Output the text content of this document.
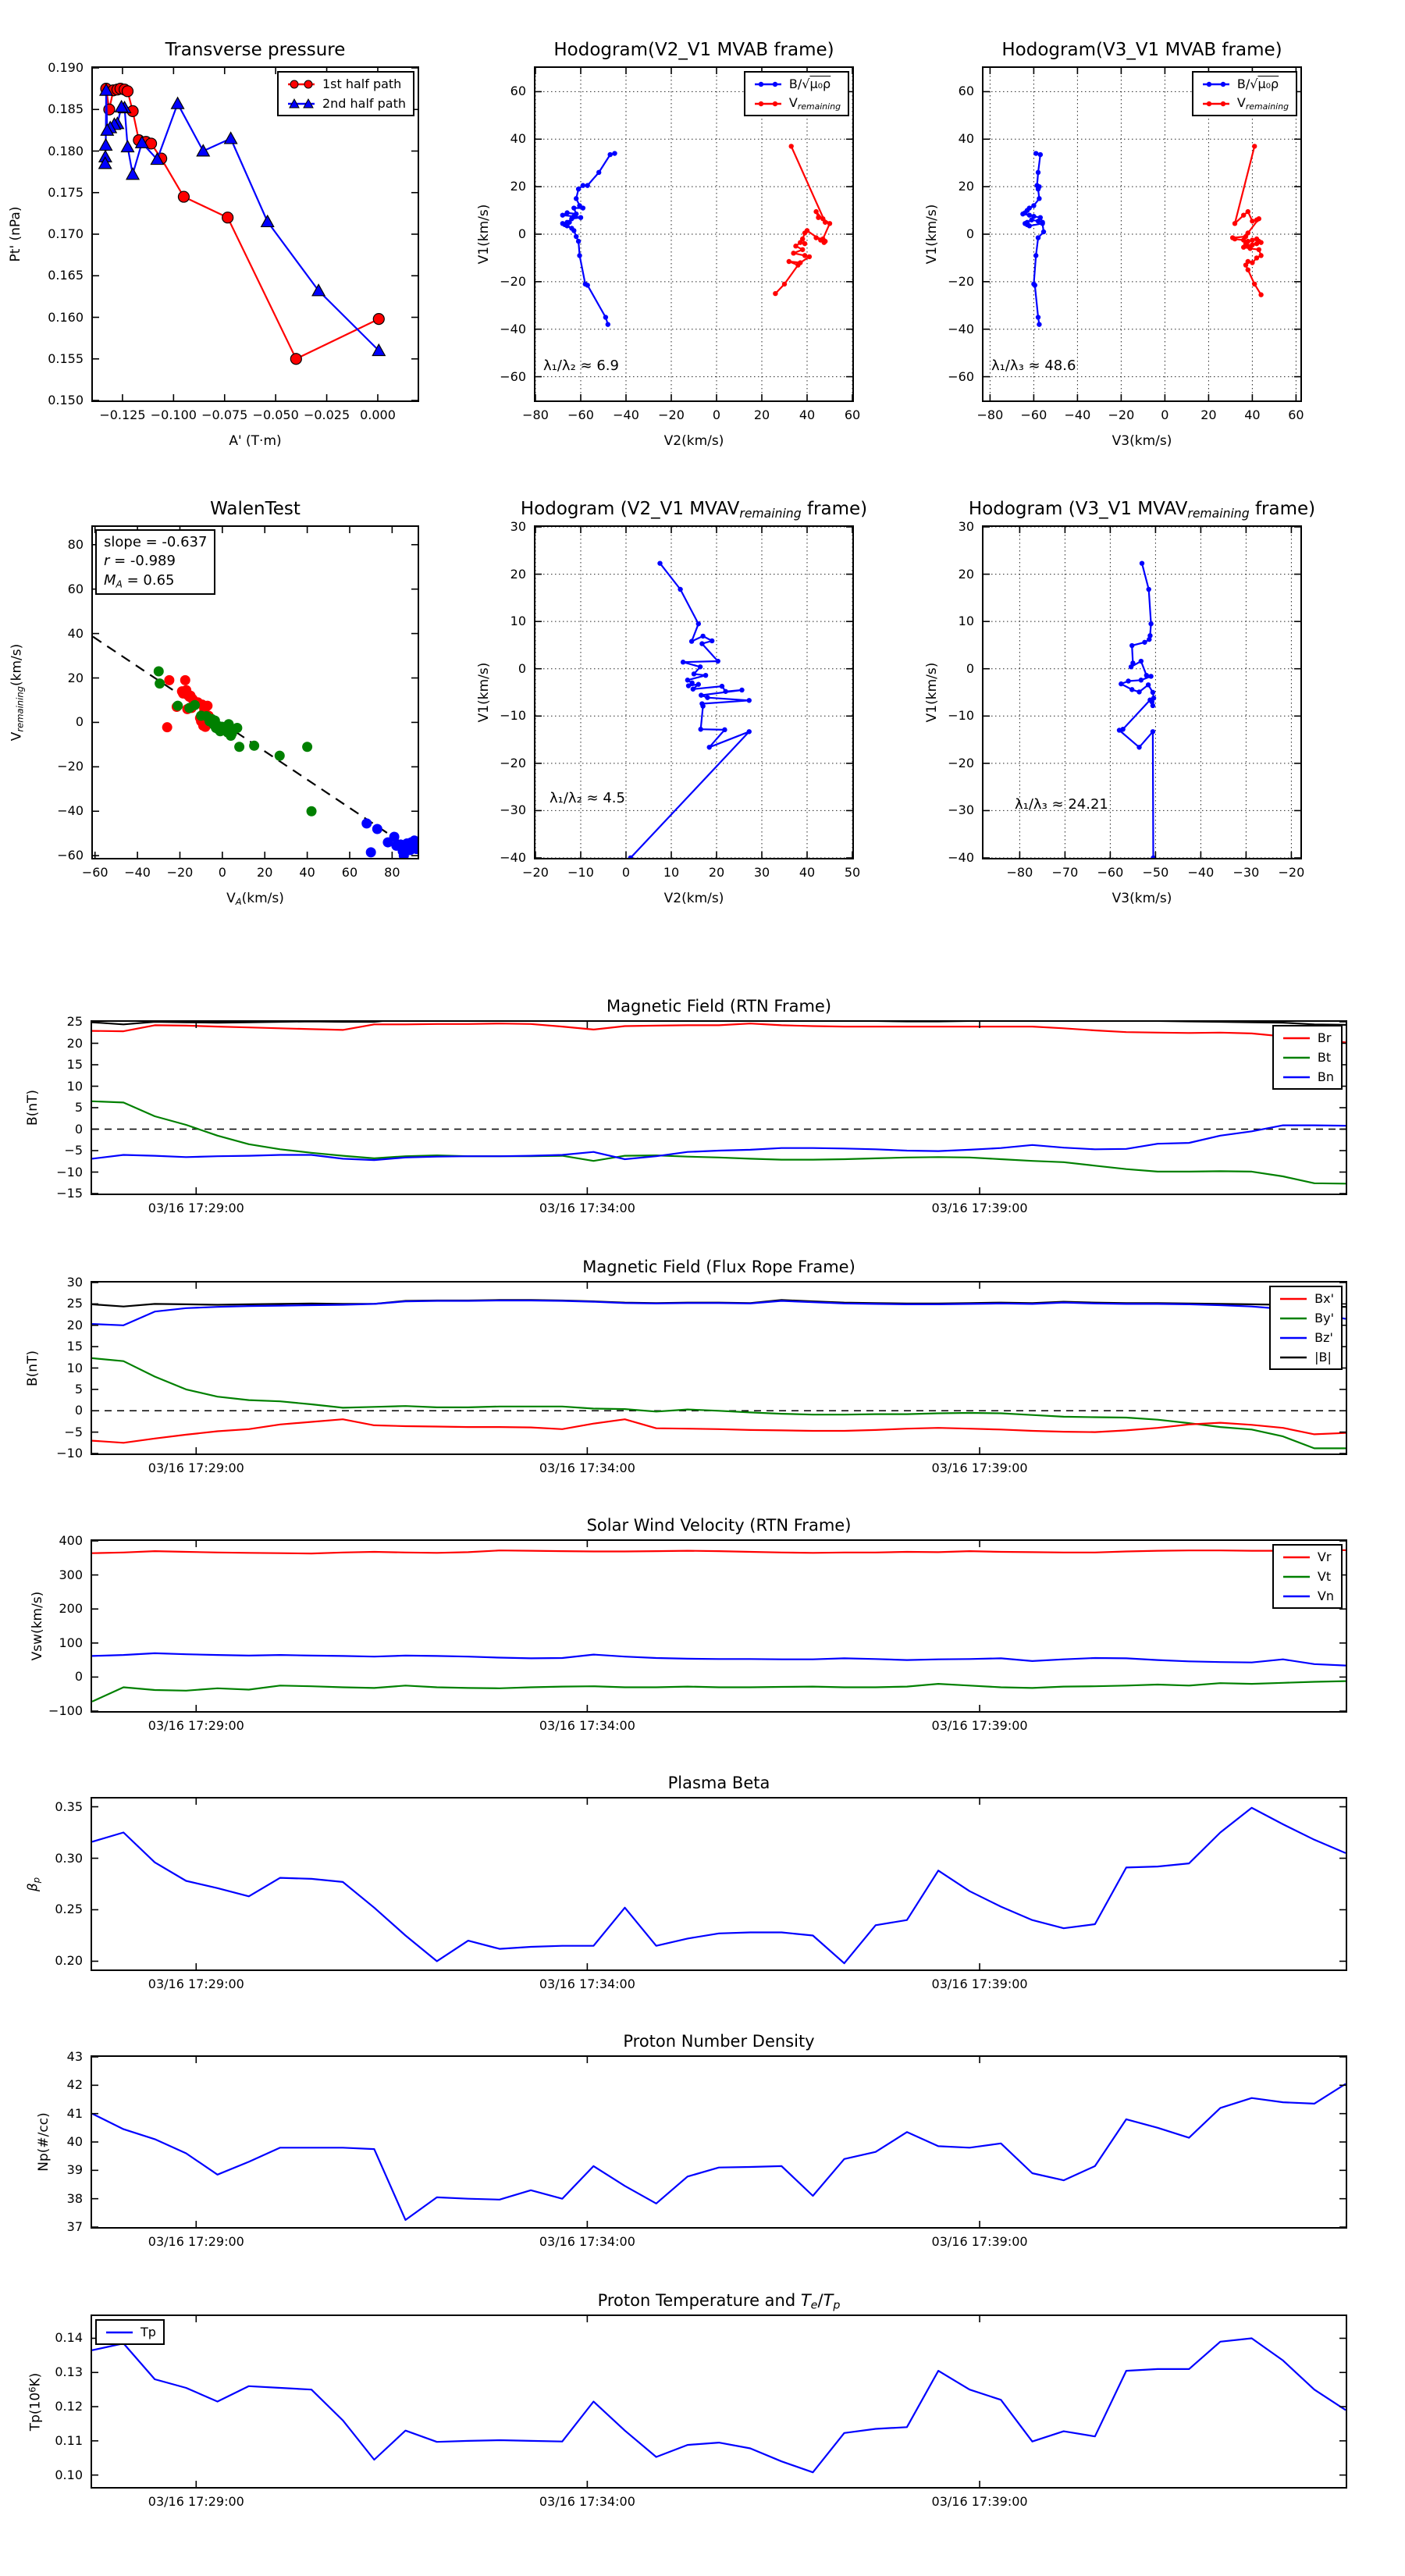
Transverse pressure
1st half path
2nd half path
−0.125 −0.100 −0.075 −0.050 −0.025 0.000
0.150
0.155
0.160
0.165
0.170
0.175
0.180
0.185
0.190
A' (T·m)
Pt' (nPa)
Hodogram(V2_V1 MVAB frame)
B/√μ₀ρ
Vremaining
λ₁/λ₂ ≈ 6.9
−80	−60	−40	−20	0	20	40	60
−60
−40
−20
0
20
40
60
V2(km/s)
V1(km/s)
Hodogram(V3_V1 MVAB frame)
B/√μ₀ρ
Vremaining
λ₁/λ₃ ≈ 48.6
−80	−60	−40	−20	0	20	40	60
−60
−40
−20
0
20
40
60
V3(km/s)
V1(km/s)
WalenTest
slope = -0.637
r = -0.989
$M_A = 0.65$
−60	−40	−20	0	20	40	60	80
−60
−40
−20
0
20
40
60
80
VA(km/s)
Vremaining(km/s)
Hodogram (V2_V1 MVAVremaining frame)
λ₁/λ₂ ≈ 4.5
−20	−10	0	10	20	30	40	50
−40
−30
−20
−10
0
10
20
30
V2(km/s)
V1(km/s)
Hodogram (V3_V1 MVAVremaining frame)
λ₁/λ₃ ≈ 24.21
−80	−70	−60	−50	−40	−30	−20
−40
−30
−20
−10
0
10
20
30
V3(km/s)
V1(km/s)
Magnetic Field (RTN Frame)
Br
Bt
Bn
03/16 17:29:00	03/16 17:34:00	03/16 17:39:00
−15
−10
−5
0
5
10
15
20
25
B(nT)
Magnetic Field (Flux Rope Frame)
Bx'
By'
Bz'
|B|
03/16 17:29:00	03/16 17:34:00	03/16 17:39:00
−10
−5
0
5
10
15
20
25
30
B(nT)
Solar Wind Velocity (RTN Frame)
Vr
Vt
Vn
03/16 17:29:00	03/16 17:34:00	03/16 17:39:00
−100
0
100
200
300
400
Vsw(km/s)
Plasma Beta
03/16 17:29:00	03/16 17:34:00	03/16 17:39:00
0.20
0.25
0.30
0.35
βp
Proton Number Density
03/16 17:29:00	03/16 17:34:00	03/16 17:39:00
37
38
39
40
41
42
43
Np(#/cc)
Proton Temperature and Te/Tp
Tp
03/16 17:29:00	03/16 17:34:00	03/16 17:39:00
0.10
0.11
0.12
0.13
0.14
$Tp(10^6K)$
